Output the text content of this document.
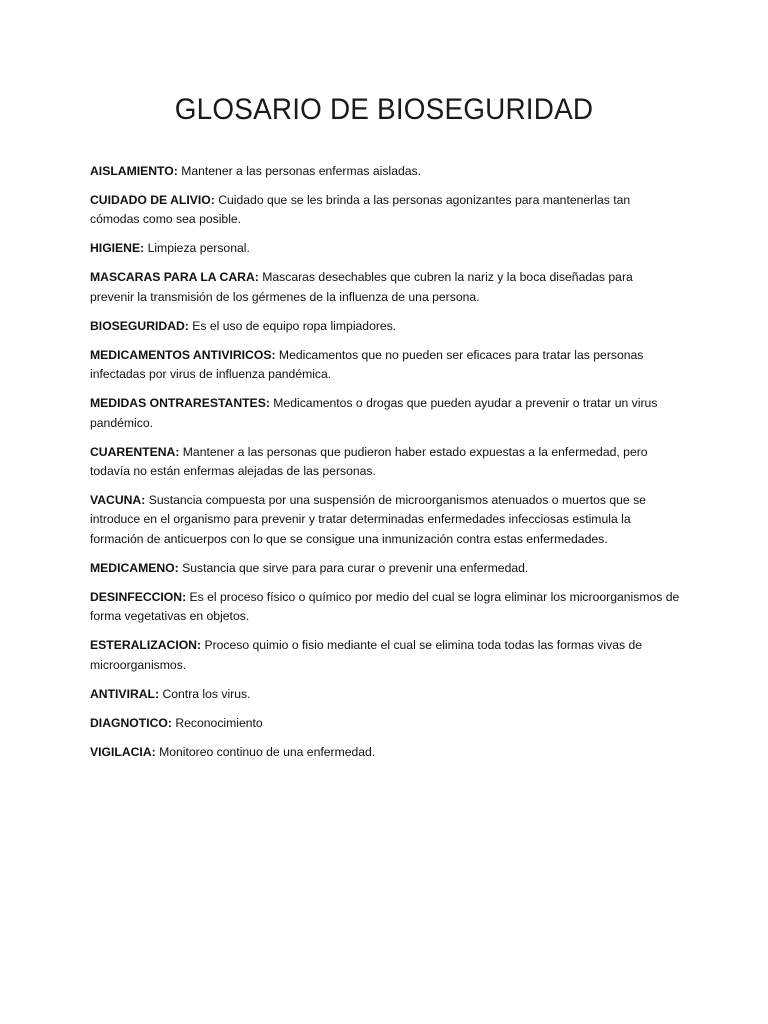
GLOSARIO DE BIOSEGURIDAD

AISLAMIENTO: Mantener a las personas enfermas aisladas.

CUIDADO DE ALIVIO: Cuidado que se les brinda a las personas agonizantes para mantenerlas tan cómodas como sea posible.

HIGIENE: Limpieza personal.

MASCARAS PARA LA CARA: Mascaras desechables que cubren la nariz y la boca diseñadas para prevenir la transmisión de los gérmenes de la influenza de una persona.

BIOSEGURIDAD: Es el uso de equipo ropa limpiadores.

MEDICAMENTOS ANTIVIRICOS: Medicamentos que no pueden ser eficaces para tratar las personas infectadas por virus de influenza pandémica.

MEDIDAS ONTRARESTANTES: Medicamentos o drogas que pueden ayudar a prevenir o tratar un virus pandémico.

CUARENTENA: Mantener a las personas que pudieron haber estado expuestas a la enfermedad, pero todavía no están enfermas alejadas de las personas.

VACUNA: Sustancia compuesta por una suspensión de microorganismos atenuados o muertos que se introduce en el organismo para prevenir y tratar determinadas enfermedades infecciosas estimula la formación de anticuerpos con lo que se consigue una inmunización contra estas enfermedades.

MEDICAMENO: Sustancia que sirve para para curar o prevenir una enfermedad.

DESINFECCION: Es el proceso físico o químico por medio del cual se logra eliminar los microorganismos de forma vegetativas en objetos.

ESTERALIZACION: Proceso quimio o fisio mediante el cual se elimina toda todas las formas vivas de microorganismos.

ANTIVIRAL: Contra los virus.

DIAGNOTICO: Reconocimiento

VIGILACIA: Monitoreo continuo de una enfermedad.
